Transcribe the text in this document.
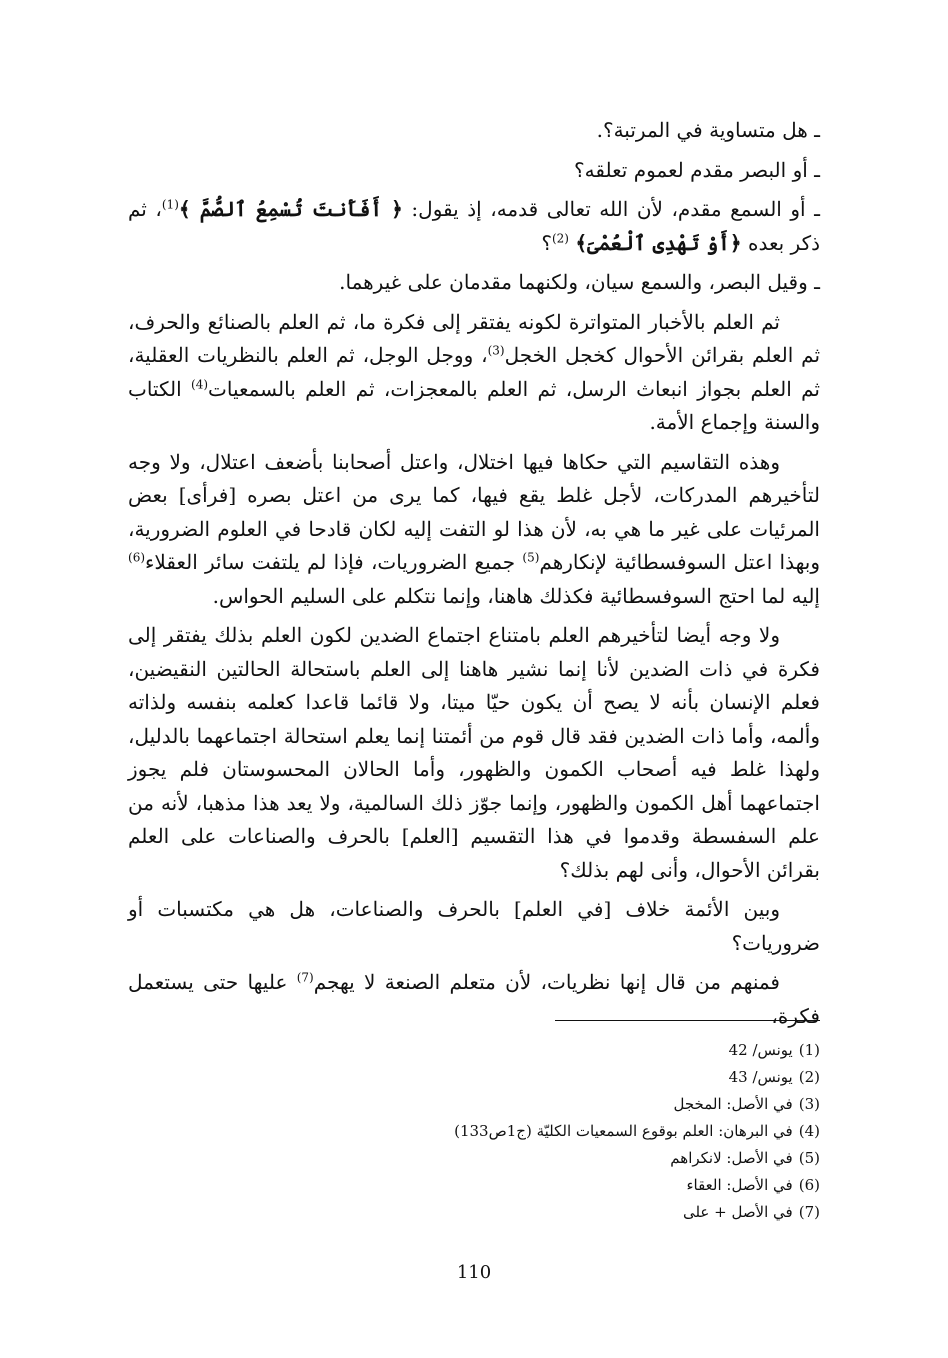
ـ هل متساوية في المرتبة؟.

ـ أو البصر مقدم لعموم تعلقه؟

ـ أو السمع مقدم، لأن الله تعالى قدمه، إذ يقول: ﴿ أَفَأَنتَ تُسْمِعُ ٱلصُّمَّ ﴾$^{(1)}$، ثم ذكر بعده ﴿أَوْ تَهْدِى ٱلْعُمْىَ﴾ $^{(2)}$؟

ـ وقيل البصر، والسمع سيان، ولكنهما مقدمان على غيرهما.

ثم العلم بالأخبار المتواترة لكونه يفتقر إلى فكرة ما، ثم العلم بالصنائع والحرف، ثم العلم بقرائن الأحوال كخجل الخجل$^{(3)}$، ووجل الوجل، ثم العلم بالنظريات العقلية، ثم العلم بجواز انبعاث الرسل، ثم العلم بالمعجزات، ثم العلم بالسمعيات$^{(4)}$ الكتاب والسنة وإجماع الأمة.

وهذه التقاسيم التي حكاها فيها اختلال، واعتل أصحابنا بأضعف اعتلال، ولا وجه لتأخيرهم المدركات، لأجل غلط يقع فيها، كما يرى من اعتل بصره [فرأى] بعض المرئيات على غير ما هي به، لأن هذا لو التفت إليه لكان قادحا في العلوم الضرورية، وبهذا اعتل السوفسطائية لإنكارهم$^{(5)}$ جميع الضروريات، فإذا لم يلتفت سائر العقلاء$^{(6)}$ إليه لما احتج السوفسطائية فكذلك هاهنا، وإنما نتكلم على السليم الحواس.

ولا وجه أيضا لتأخيرهم العلم بامتناع اجتماع الضدين لكون العلم بذلك يفتقر إلى فكرة في ذات الضدين لأنا إنما نشير هاهنا إلى العلم باستحالة الحالتين النقيضين، فعلم الإنسان بأنه لا يصح أن يكون حيّا ميتا، ولا قائما قاعدا كعلمه بنفسه ولذاته وألمه، وأما ذات الضدين فقد قال قوم من أئمتنا إنما يعلم استحالة اجتماعهما بالدليل، ولهذا غلط فيه أصحاب الكمون والظهور، وأما الحالان المحسوستان فلم يجوز اجتماعهما أهل الكمون والظهور، وإنما جوّز ذلك السالمية، ولا يعد هذا مذهبا، لأنه من علم السفسطة وقدموا في هذا التقسيم [العلم] بالحرف والصناعات على العلم بقرائن الأحوال، وأنى لهم بذلك؟

وبين الأئمة خلاف [في العلم] بالحرف والصناعات، هل هي مكتسبات أو ضروريات؟

فمنهم من قال إنها نظريات، لأن متعلم الصنعة لا يهجم$^{(7)}$ عليها حتى يستعمل فكرة،

(1)يونس/ 42
(2)يونس/ 43
(3)في الأصل: المخجل
(4)في البرهان: العلم بوقوع السمعيات الكليّة (ج1ص133)
(5)في الأصل: لانكراهم
(6)في الأصل: العقاء
(7)في الأصل + على
110
